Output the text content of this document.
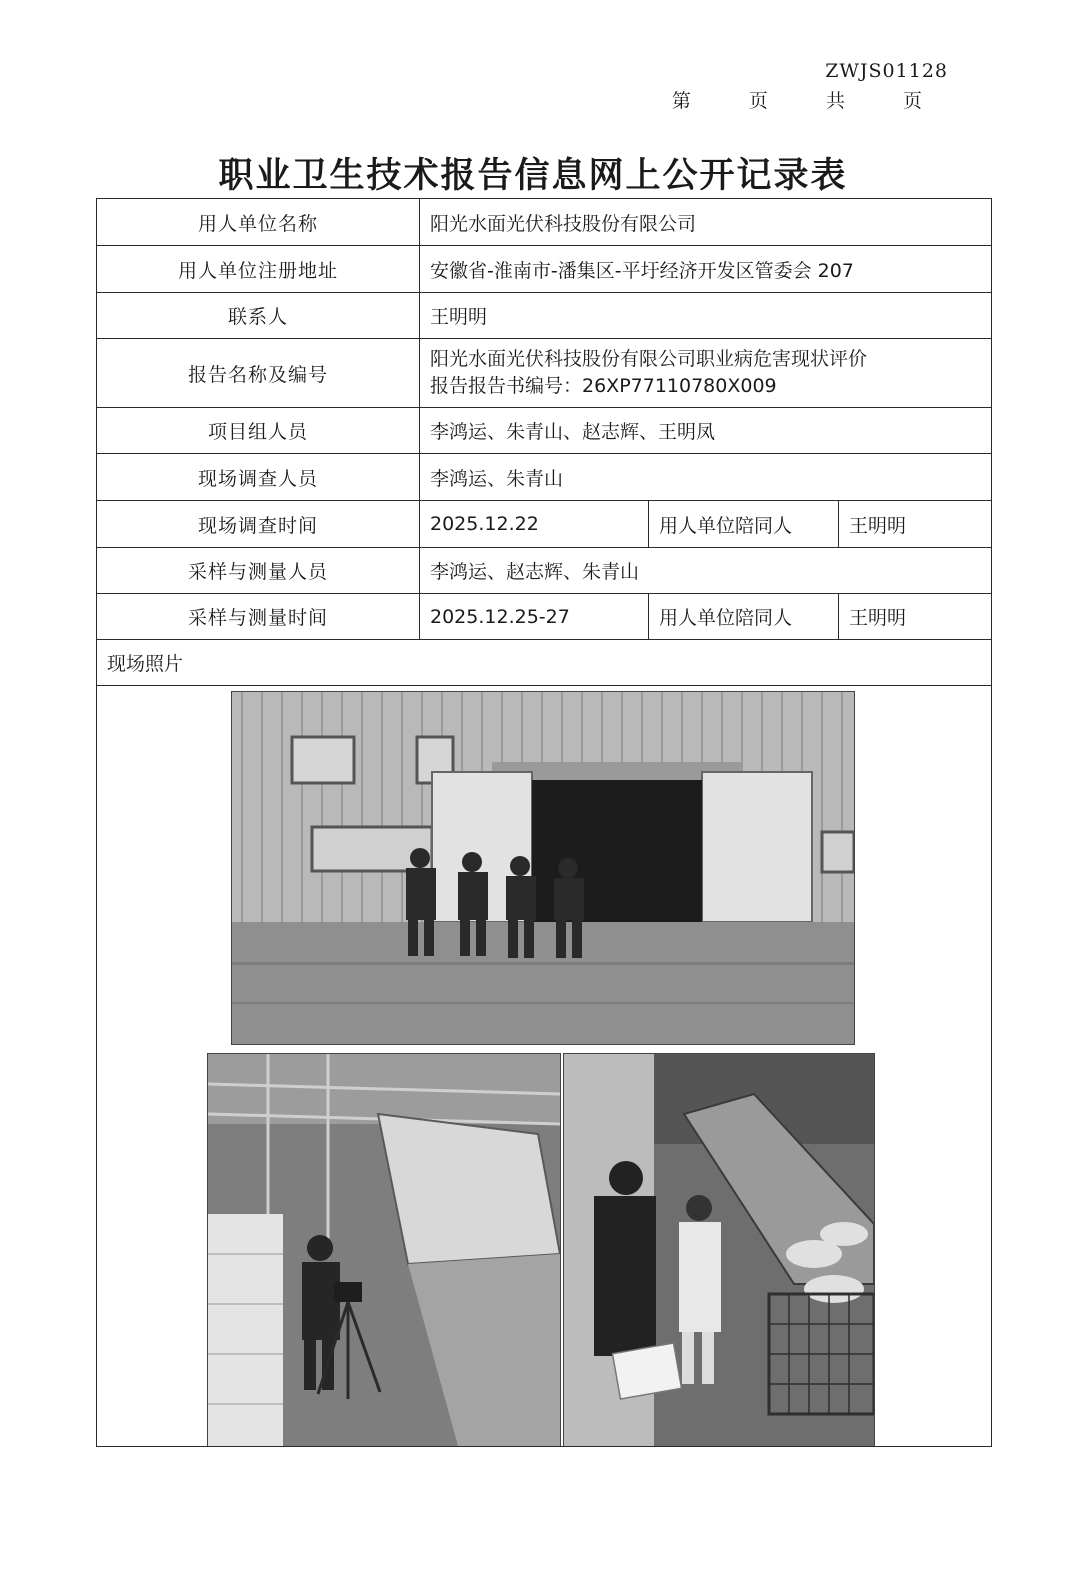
ZWJS01128
第 页 共 页
职业卫生技术报告信息网上公开记录表
用人单位名称	阳光水面光伏科技股份有限公司		
用人单位注册地址	安徽省-淮南市-潘集区-平圩经济开发区管委会 207		
联系人	王明明		
报告名称及编号	阳光水面光伏科技股份有限公司职业病危害现状评价
报告报告书编号：26XP77110780X009		

项目组人员	李鸿运、朱青山、赵志辉、王明凤		
现场调查人员	李鸿运、朱青山		
现场调查时间	2025.12.22	用人单位陪同人	王明明
采样与测量人员	李鸿运、赵志辉、朱青山		
采样与测量时间	2025.12.25-27	用人单位陪同人	王明明
现场照片			
